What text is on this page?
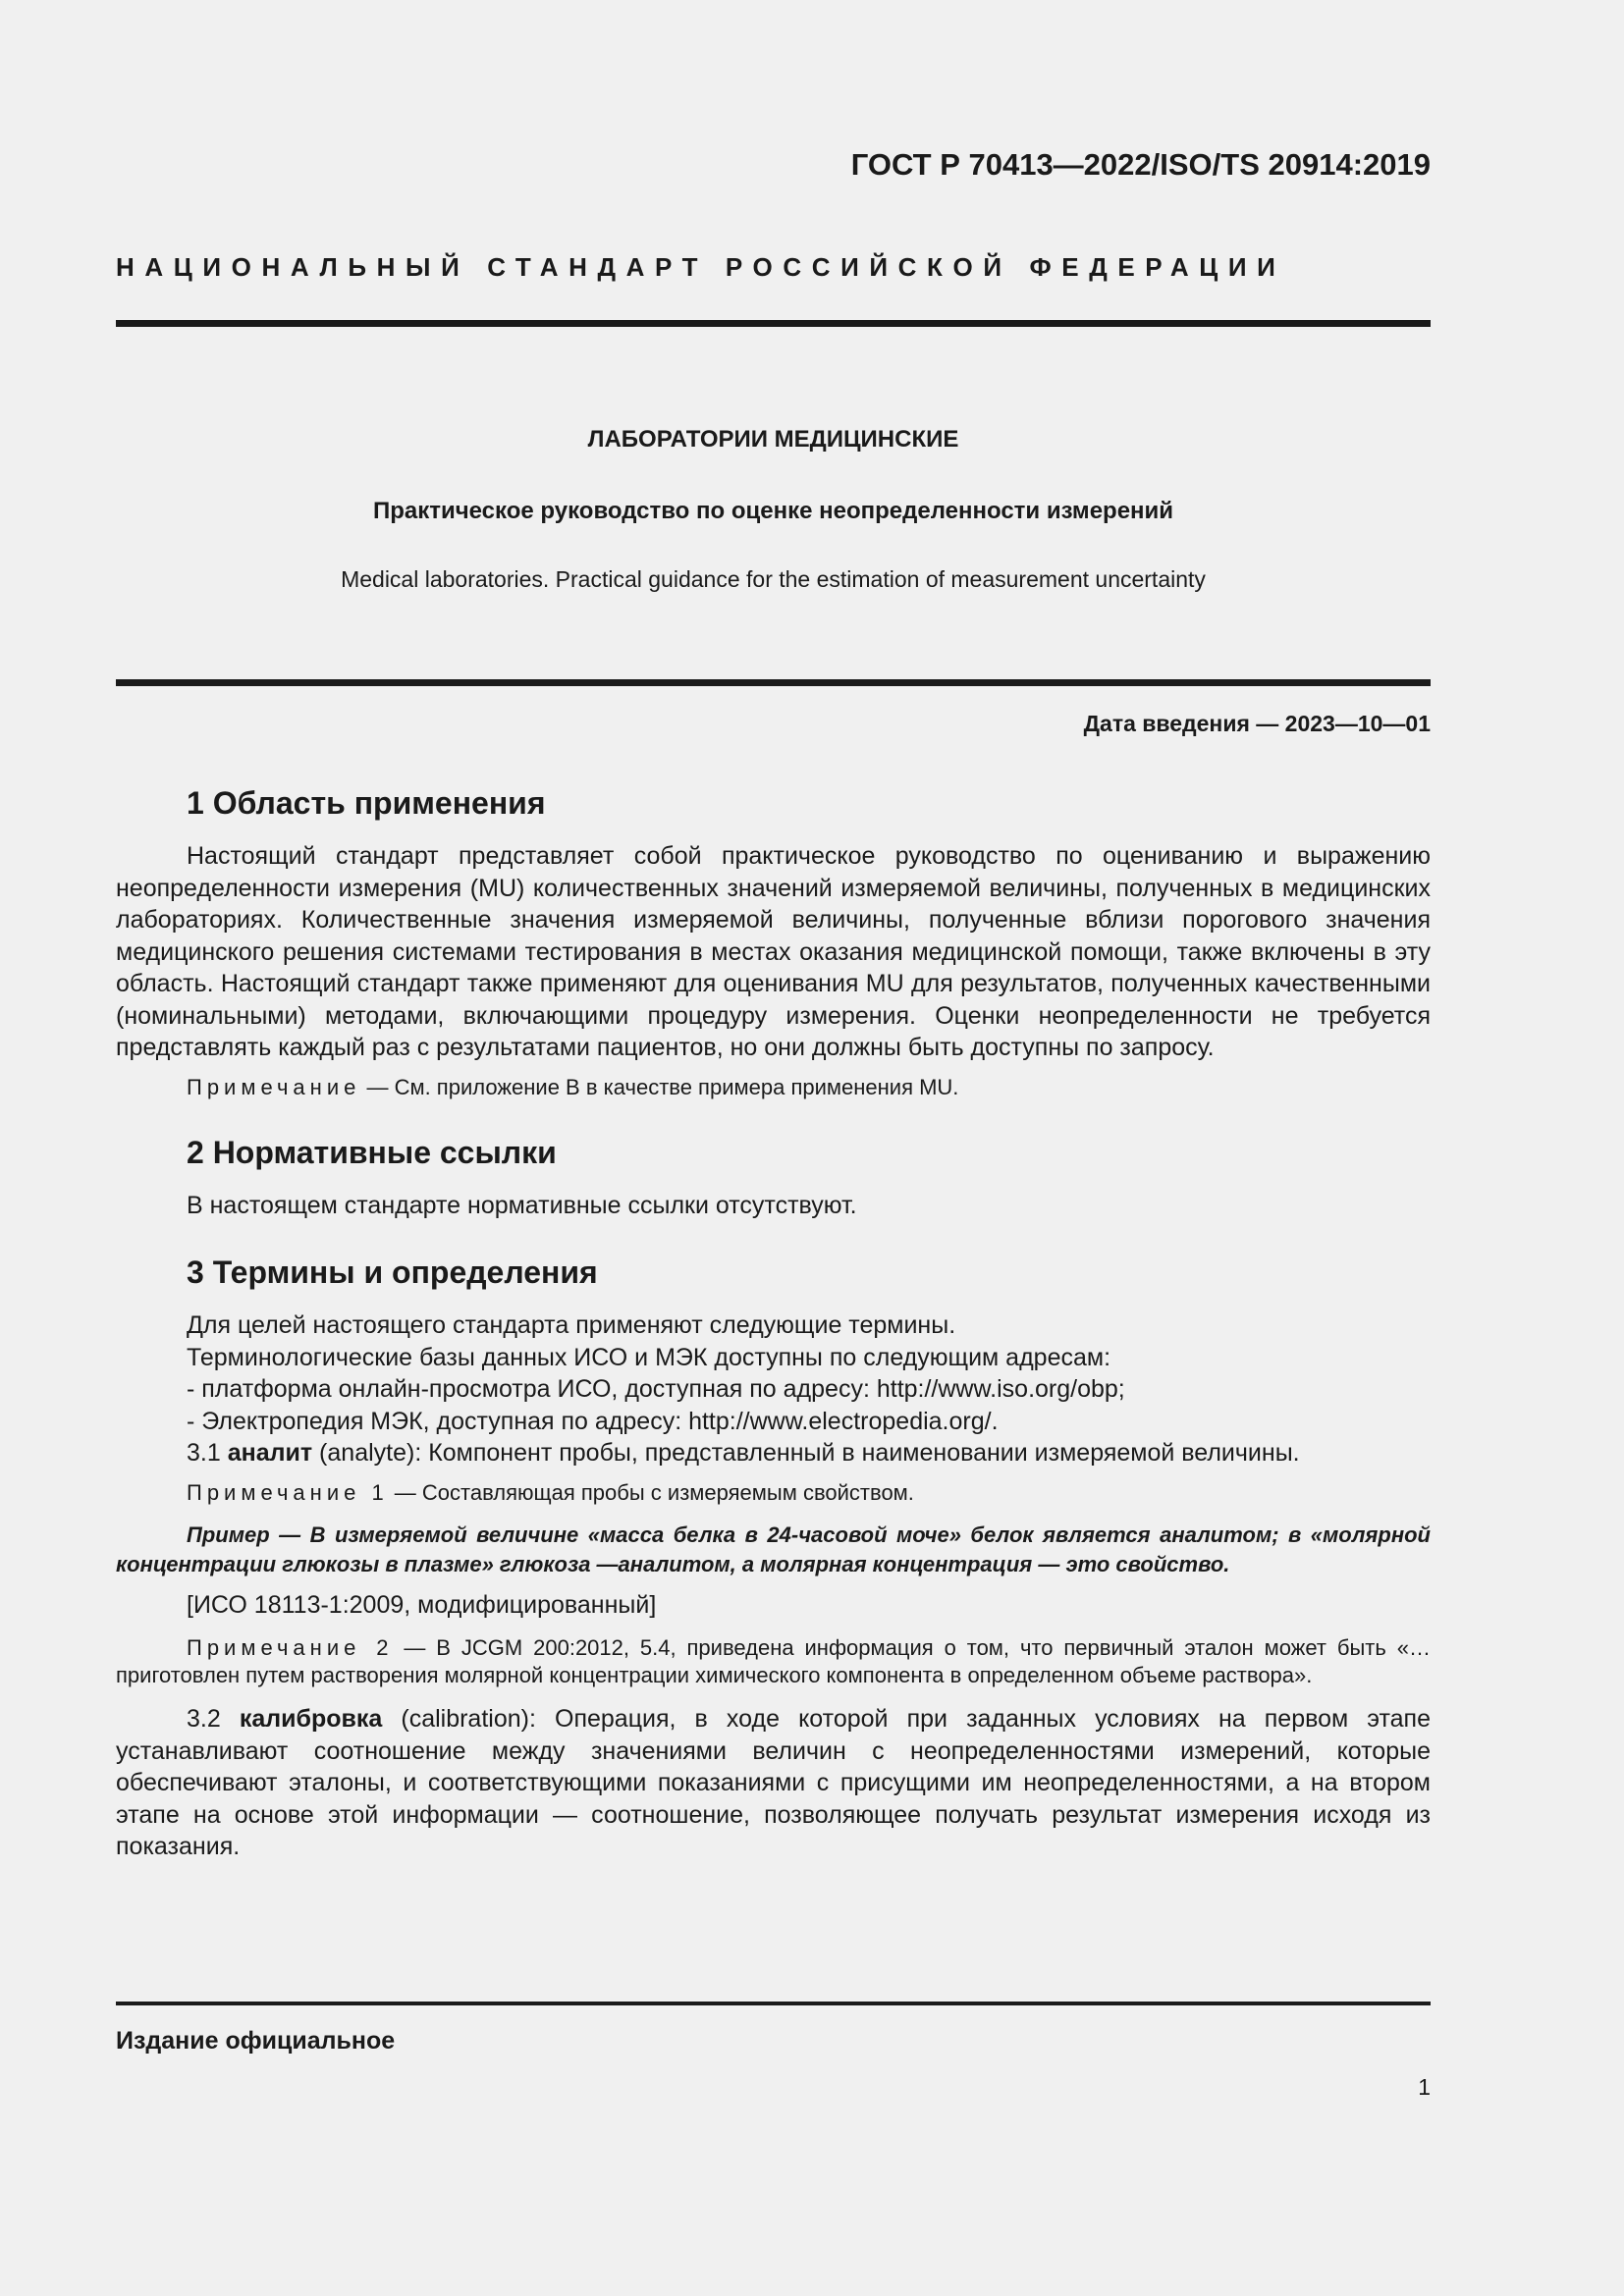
ГОСТ Р 70413—2022/ISO/TS 20914:2019
НАЦИОНАЛЬНЫЙ СТАНДАРТ РОССИЙСКОЙ ФЕДЕРАЦИИ

ЛАБОРАТОРИИ МЕДИЦИНСКИЕ

Практическое руководство по оценке неопределенности измерений

Medical laboratories. Practical guidance for the estimation of measurement uncertainty

Дата введения — 2023—10—01
1 Область применения

Настоящий стандарт представляет собой практическое руководство по оцениванию и выражению неопределенности измерения (MU) количественных значений измеряемой величины, полученных в медицинских лабораториях. Количественные значения измеряемой величины, полученные вблизи порогового значения медицинского решения системами тестирования в местах оказания медицинской помощи, также включены в эту область. Настоящий стандарт также применяют для оценивания MU для результатов, полученных качественными (номинальными) методами, включающими процедуру измерения. Оценки неопределенности не требуется представлять каждый раз с результатами пациентов, но они должны быть доступны по запросу.

Примечание — См. приложение В в качестве примера применения MU.

2 Нормативные ссылки

В настоящем стандарте нормативные ссылки отсутствуют.

3 Термины и определения

Для целей настоящего стандарта применяют следующие термины.

Терминологические базы данных ИСО и МЭК доступны по следующим адресам:

- платформа онлайн-просмотра ИСО, доступная по адресу: http://www.iso.org/obp;

- Электропедия МЭК, доступная по адресу: http://www.electropedia.org/.

3.1 аналит (analyte): Компонент пробы, представленный в наименовании измеряемой величины.

Примечание 1 — Составляющая пробы с измеряемым свойством.

Пример — В измеряемой величине «масса белка в 24-часовой моче» белок является аналитом; в «молярной концентрации глюкозы в плазме» глюкоза —аналитом, а молярная концентрация — это свойство.

[ИСО 18113-1:2009, модифицированный]

Примечание 2 — В JCGM 200:2012, 5.4, приведена информация о том, что первичный эталон может быть «…приготовлен путем растворения молярной концентрации химического компонента в определенном объеме раствора».

3.2 калибровка (calibration): Операция, в ходе которой при заданных условиях на первом этапе устанавливают соотношение между значениями величин с неопределенностями измерений, которые обеспечивают эталоны, и соответствующими показаниями с присущими им неопределенностями, а на втором этапе на основе этой информации — соотношение, позволяющее получать результат измерения исходя из показания.

Издание официальное
1
